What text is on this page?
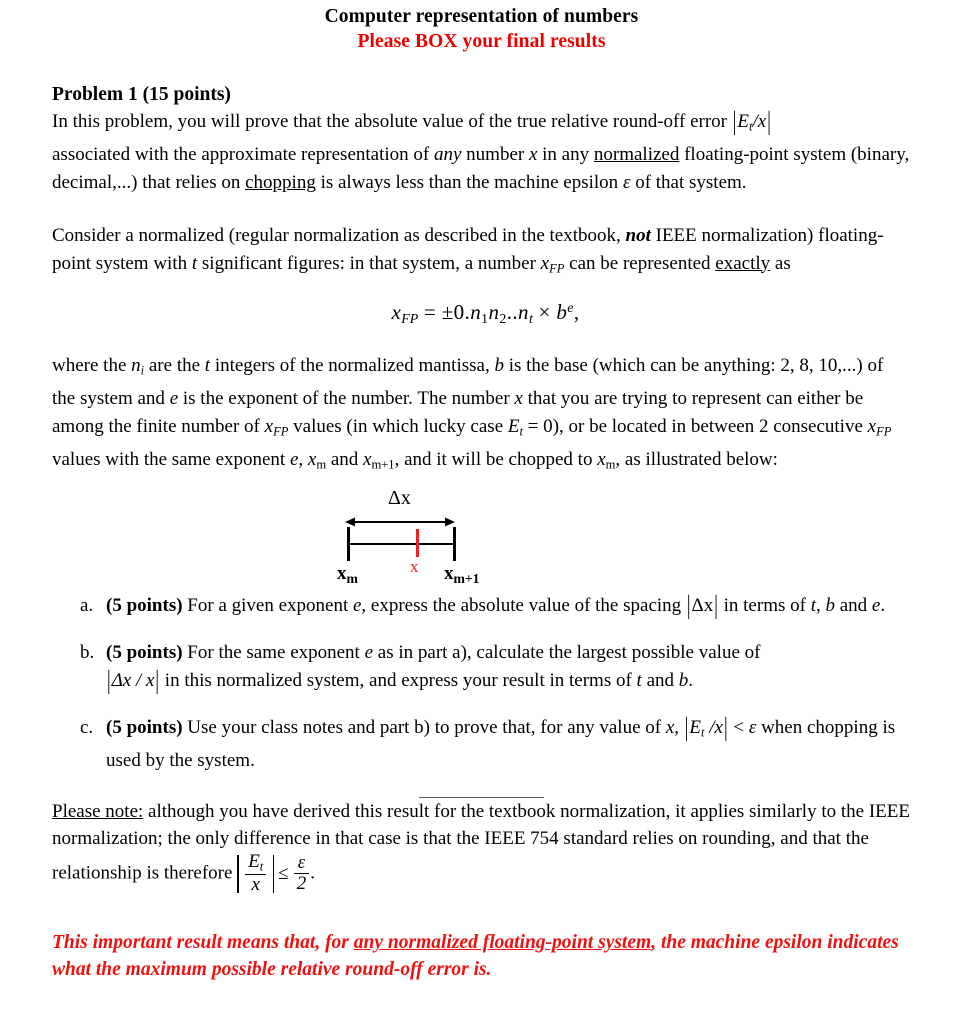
Computer representation of numbers
Please BOX your final results
Problem 1 (15 points)

In this problem, you will prove that the absolute value of the true relative round-off error $|E_t/x|$
associated with the approximate representation of any number x in any normalized floating-point system (binary, decimal,...) that relies on chopping is always less than the machine epsilon ε of that system.

Consider a normalized (regular normalization as described in the textbook, not IEEE normalization) floating-point system with t significant figures: in that system, a number $x_{FP}$ can be represented exactly as

$x_{FP} = \pm 0.n_1n_2..n_t \times b^e$,

where the $n_i$ are the t integers of the normalized mantissa, b is the base (which can be anything: 2, 8, 10,...) of the system and e is the exponent of the number. The number x that you are trying to represent can either be among the finite number of $x_{FP}$ values (in which lucky case $E_t = 0$), or be located in between 2 consecutive $x_{FP}$ values with the same exponent e, $x_m$ and $x_{m+1}$, and it will be chopped to $x_m$, as illustrated below:

Δx
$x_m$	$x_{m+1}$
x
a. (5 points) For a given exponent e, express the absolute value of the spacing |Δx| in terms of t, b and e.
b. (5 points) For the same exponent e as in part a), calculate the largest possible value of
|Δx / x| in this normalized system, and express your result in terms of t and b.
c. (5 points) Use your class notes and part b) to prove that, for any value of x, $|E_t$ /x| < ε when chopping is used by the system.

Please note: although you have derived this result for the textbook normalization, it applies similarly to the IEEE normalization; the only difference in that case is that the IEEE 754 standard relies on rounding, and that the relationship is therefore $\frac{E_t}{x} \le \frac{\varepsilon}{2}$ .

This important result means that, for any normalized floating-point system, the machine epsilon indicates what the maximum possible relative round-off error is.
